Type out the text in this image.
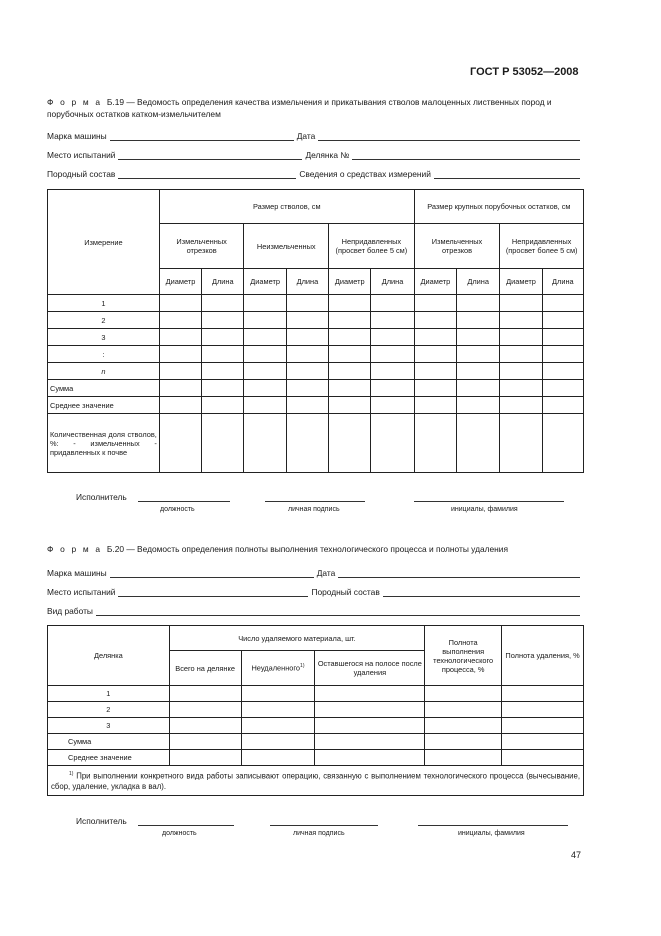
ГОСТ Р 53052—2008
Ф о р м а Б.19 — Ведомость определения качества измельчения и прикатывания стволов малоценных лиственных пород и порубочных остатков катком-измельчителем
Марка машины	Дата
Место испытаний	Делянка №
Породный состав	Сведения о средствах измерений
Измерение	Размер стволов, см						Размер крупных порубочных остатков, см			
	Измельченных отрезков		Неизмельченных		Непридавленных (просвет более 5 см)		Измельченных отрезков		Непридавленных (просвет более 5 см)	
	Диаметр	Длина	Диаметр	Длина	Диаметр	Длина	Диаметр	Длина	Диаметр	Длина
1										
2										
3										
:										
n										
Сумма										
Среднее значение										
Количественная доля стволов, %: - измельченных - придавленных к почве										
Исполнитель
должность	личная подпись	инициалы, фамилия
Ф о р м а Б.20 — Ведомость определения полноты выполнения технологического процесса и полноты удаления
Марка машины	Дата
Место испытаний	Породный состав
Вид работы
Делянка	Число удаляемого материала, шт.			Полнота выполнения технологического процесса, %	Полнота удаления, %
	Всего на делянке	Неудаленного$^{1)}$	Оставшегося на полосе после удаления		
1					
2					
3					
Сумма					
Среднее значение					
$^{1)}$ При выполнении конкретного вида работы записывают операцию, связанную с выполнением технологического процесса (вычесывание, сбор, удаление, укладка в вал).					
Исполнитель
должность	личная подпись	инициалы, фамилия
47
